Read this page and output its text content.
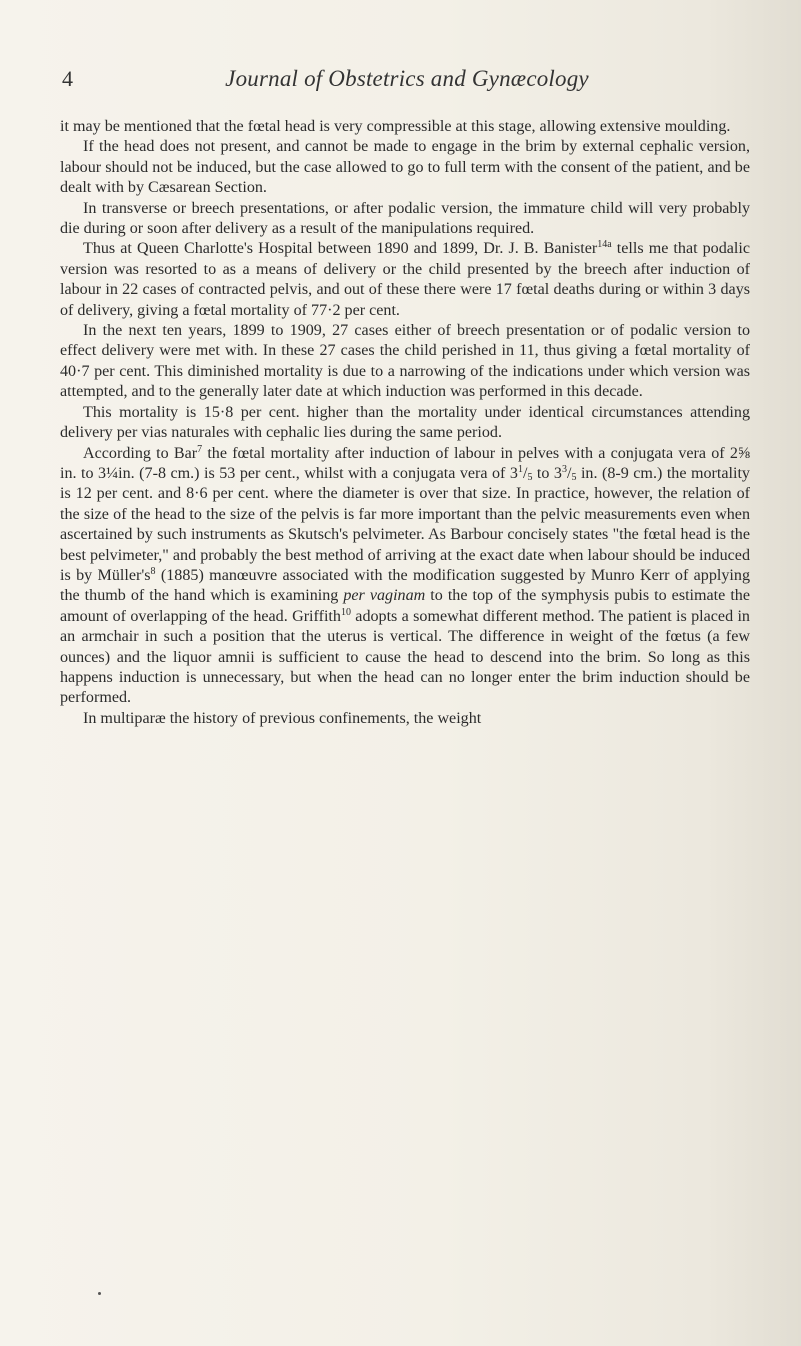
4	Journal of Obstetrics and Gynæcology

it may be mentioned that the fœtal head is very compressible at this stage, allowing extensive moulding.

If the head does not present, and cannot be made to engage in the brim by external cephalic version, labour should not be induced, but the case allowed to go to full term with the consent of the patient, and be dealt with by Cæsarean Section.

In transverse or breech presentations, or after podalic version, the immature child will very probably die during or soon after delivery as a result of the manipulations required.

Thus at Queen Charlotte's Hospital between 1890 and 1899, Dr. J. B. Banister$^{14a}$ tells me that podalic version was resorted to as a means of delivery or the child presented by the breech after induction of labour in 22 cases of contracted pelvis, and out of these there were 17 fœtal deaths during or within 3 days of delivery, giving a fœtal mortality of 77·2 per cent.

In the next ten years, 1899 to 1909, 27 cases either of breech presentation or of podalic version to effect delivery were met with. In these 27 cases the child perished in 11, thus giving a fœtal mortality of 40·7 per cent. This diminished mortality is due to a narrowing of the indications under which version was attempted, and to the generally later date at which induction was performed in this decade.

This mortality is 15·8 per cent. higher than the mortality under identical circumstances attending delivery per vias naturales with cephalic lies during the same period.

According to Bar$^7$ the fœtal mortality after induction of labour in pelves with a conjugata vera of 2⅝ in. to 3¼in. (7-8 cm.) is 53 per cent., whilst with a conjugata vera of $3^1/_5$ to $3^3/_5$ in. (8-9 cm.) the mortality is 12 per cent. and 8·6 per cent. where the diameter is over that size. In practice, however, the relation of the size of the head to the size of the pelvis is far more important than the pelvic measurements even when ascertained by such instruments as Skutsch's pelvimeter. As Barbour concisely states "the fœtal head is the best pelvimeter," and probably the best method of arriving at the exact date when labour should be induced is by $Müller's^8$ (1885) manœuvre associated with the modification suggested by Munro Kerr of applying the thumb of the hand which is examining per vaginam to the top of the symphysis pubis to estimate the amount of overlapping of the head. Griffith$^{10}$ adopts a somewhat different method. The patient is placed in an armchair in such a position that the uterus is vertical. The difference in weight of the fœtus (a few ounces) and the liquor amnii is sufficient to cause the head to descend into the brim. So long as this happens induction is unnecessary, but when the head can no longer enter the brim induction should be performed.

In multiparæ the history of previous confinements, the weight
